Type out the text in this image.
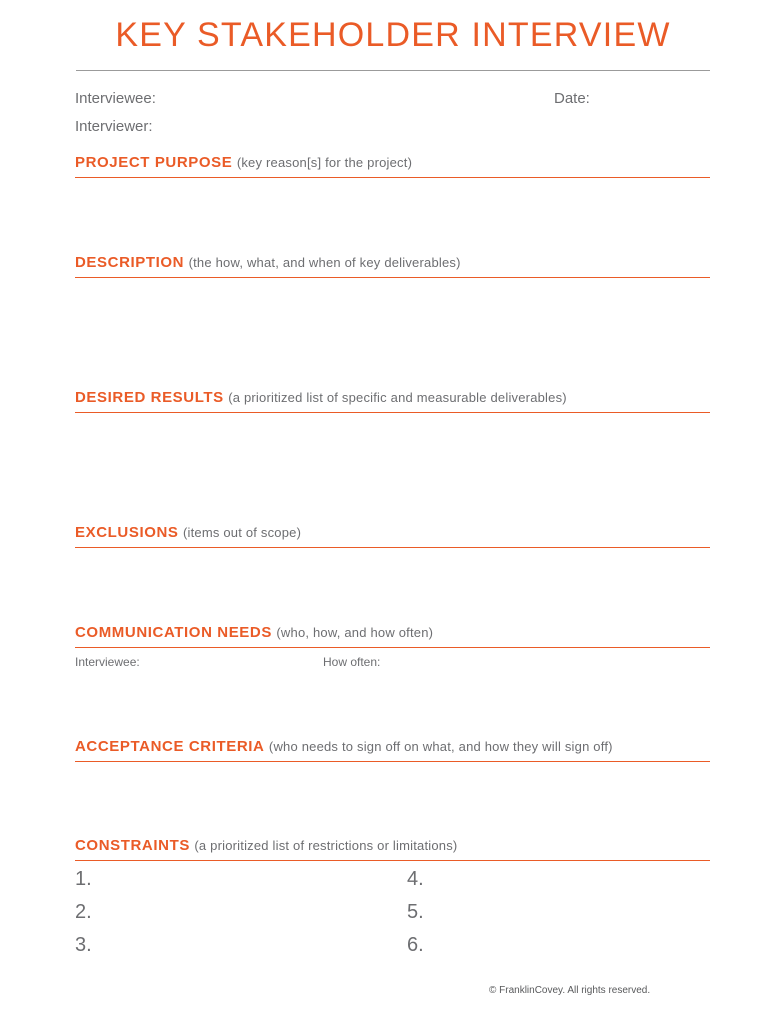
KEY STAKEHOLDER INTERVIEW
Interviewee:	Date:
Interviewer:
PROJECT PURPOSE (key reason[s] for the project)
DESCRIPTION (the how, what, and when of key deliverables)
DESIRED RESULTS (a prioritized list of specific and measurable deliverables)
EXCLUSIONS (items out of scope)
COMMUNICATION NEEDS (who, how, and how often)
Interviewee:	How often:
ACCEPTANCE CRITERIA (who needs to sign off on what, and how they will sign off)
CONSTRAINTS (a prioritized list of restrictions or limitations)
1.
2.
3.
4.
5.
6.
© FranklinCovey. All rights reserved.
